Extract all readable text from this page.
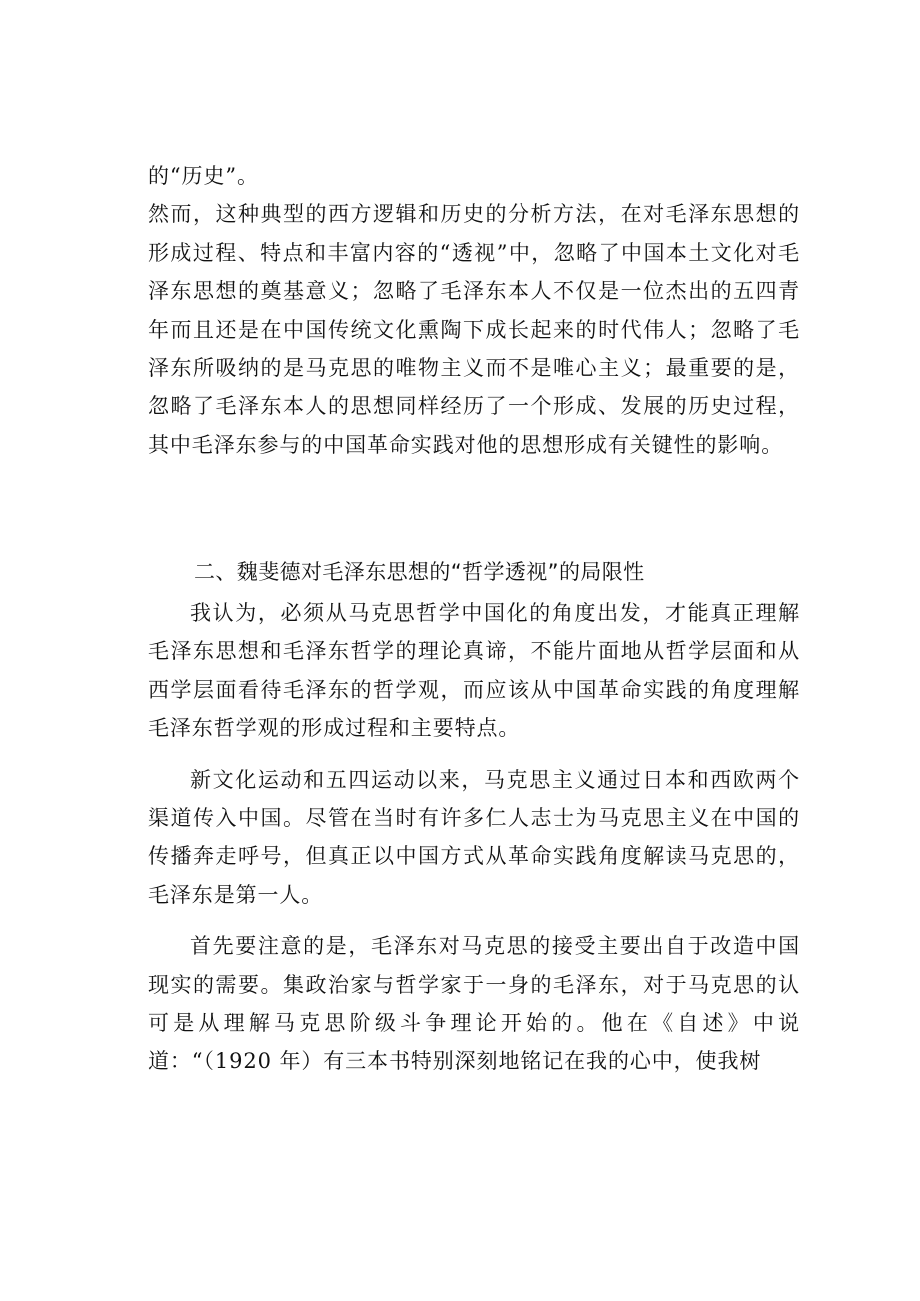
的“历史”。

然而，这种典型的西方逻辑和历史的分析方法，在对毛泽东思想的形成过程、特点和丰富内容的“透视”中，忽略了中国本土文化对毛泽东思想的奠基意义；忽略了毛泽东本人不仅是一位杰出的五四青年而且还是在中国传统文化熏陶下成长起来的时代伟人；忽略了毛泽东所吸纳的是马克思的唯物主义而不是唯心主义；最重要的是，忽略了毛泽东本人的思想同样经历了一个形成、发展的历史过程，其中毛泽东参与的中国革命实践对他的思想形成有关键性的影响。

二、魏斐德对毛泽东思想的“哲学透视”的局限性

我认为，必须从马克思哲学中国化的角度出发，才能真正理解毛泽东思想和毛泽东哲学的理论真谛，不能片面地从哲学层面和从西学层面看待毛泽东的哲学观，而应该从中国革命实践的角度理解毛泽东哲学观的形成过程和主要特点。

新文化运动和五四运动以来，马克思主义通过日本和西欧两个渠道传入中国。尽管在当时有许多仁人志士为马克思主义在中国的传播奔走呼号，但真正以中国方式从革命实践角度解读马克思的，毛泽东是第一人。

首先要注意的是，毛泽东对马克思的接受主要出自于改造中国现实的需要。集政治家与哲学家于一身的毛泽东，对于马克思的认可是从理解马克思阶级斗争理论开始的。他在《自述》中说道：“（1920 年）有三本书特别深刻地铭记在我的心中，使我树
